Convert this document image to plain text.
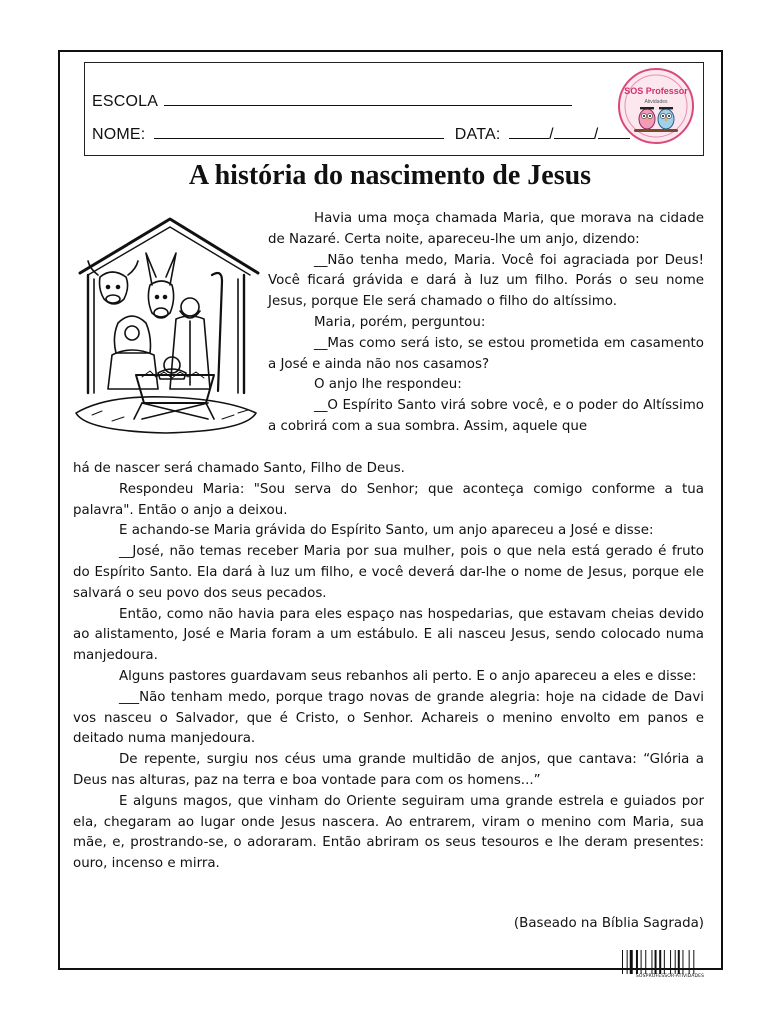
ESCOLA
NOME:	DATA:	/	/
SOS Professor
Atividades
A história do nascimento de Jesus

Havia uma moça chamada Maria, que morava na cidade de Nazaré. Certa noite, apareceu-lhe um anjo, dizendo:

__Não tenha medo, Maria. Você foi agraciada por Deus! Você ficará grávida e dará à luz um filho. Porás o seu nome Jesus, porque Ele será chamado o filho do altíssimo.

Maria, porém, perguntou:

__Mas como será isto, se estou prometida em casamento a José e ainda não nos casamos?

O anjo lhe respondeu:

__O Espírito Santo virá sobre você, e o poder do Altíssimo a cobrirá com a sua sombra. Assim, aquele que

há de nascer será chamado Santo, Filho de Deus.

Respondeu Maria: "Sou serva do Senhor; que aconteça comigo conforme a tua palavra". Então o anjo a deixou.

E achando-se Maria grávida do Espírito Santo, um anjo apareceu a José e disse:

__José, não temas receber Maria por sua mulher, pois o que nela está gerado é fruto do Espírito Santo. Ela dará à luz um filho, e você deverá dar-lhe o nome de Jesus, porque ele salvará o seu povo dos seus pecados.

Então, como não havia para eles espaço nas hospedarias, que estavam cheias devido ao alistamento, José e Maria foram a um estábulo. E ali nasceu Jesus, sendo colocado numa manjedoura.

Alguns pastores guardavam seus rebanhos ali perto. E o anjo apareceu a eles e disse:

___Não tenham medo, porque trago novas de grande alegria: hoje na cidade de Davi vos nasceu o Salvador, que é Cristo, o Senhor. Achareis o menino envolto em panos e deitado numa manjedoura.

De repente, surgiu nos céus uma grande multidão de anjos, que cantava: “Glória a Deus nas alturas, paz na terra e boa vontade para com os homens...”

E alguns magos, que vinham do Oriente seguiram uma grande estrela e guiados por ela, chegaram ao lugar onde Jesus nascera. Ao entrarem, viram o menino com Maria, sua mãe, e, prostrando-se, o adoraram. Então abriram os seus tesouros e lhe deram presentes: ouro, incenso e mirra.

(Baseado na Bíblia Sagrada)
SOSPROFESSOR-ATIVIDADES
